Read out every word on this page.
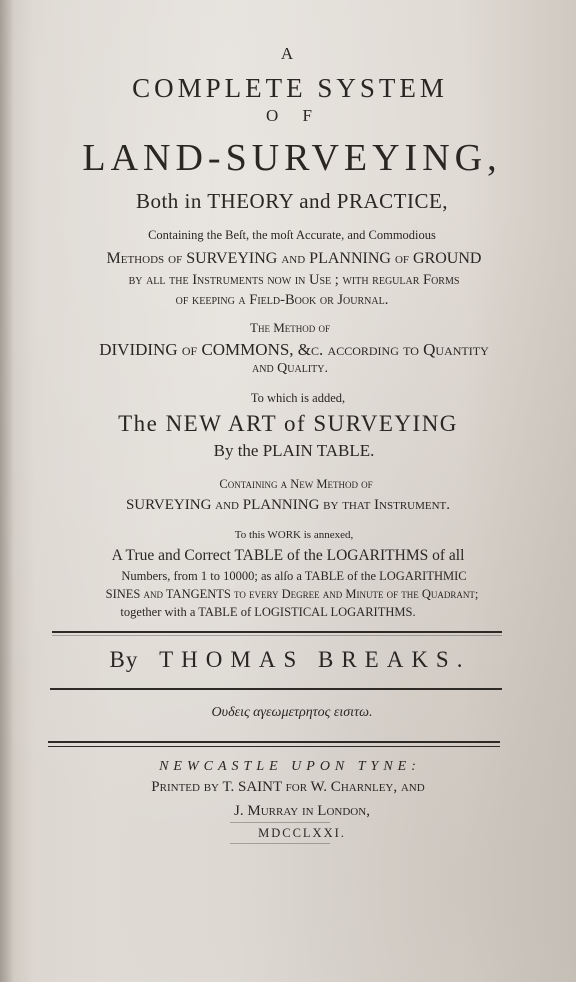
A
COMPLETE SYSTEM
O F
LAND-SURVEYING,
Both in THEORY and PRACTICE,
Containing the Beſt, the moſt Accurate, and Commodious
Methods of SURVEYING and PLANNING of GROUND
by all the Instruments now in Use ; with regular Forms
of keeping a Field-Book or Journal.
The Method of
DIVIDING of COMMONS, &c. according to Quantity
and Quality.
To which is added,
The NEW ART of SURVEYING
By the PLAIN TABLE.
Containing a New Method of
SURVEYING and PLANNING by that Instrument.
To this WORK is annexed,
A True and Correct TABLE of the LOGARITHMS of all
Numbers, from 1 to 10000; as alſo a TABLE of the LOGARITHMIC
SINES and TANGENTS to every Degree and Minute of the Quadrant;
together with a TABLE of LOGISTICAL LOGARITHMS.
By THOMAS BREAKS.
Ουδεις αγεωμετρητος εισιτω.
NEWCASTLE UPON TYNE:
Printed by T. SAINT for W. Charnley, and
J. Murray in London,
MDCCLXXI.
